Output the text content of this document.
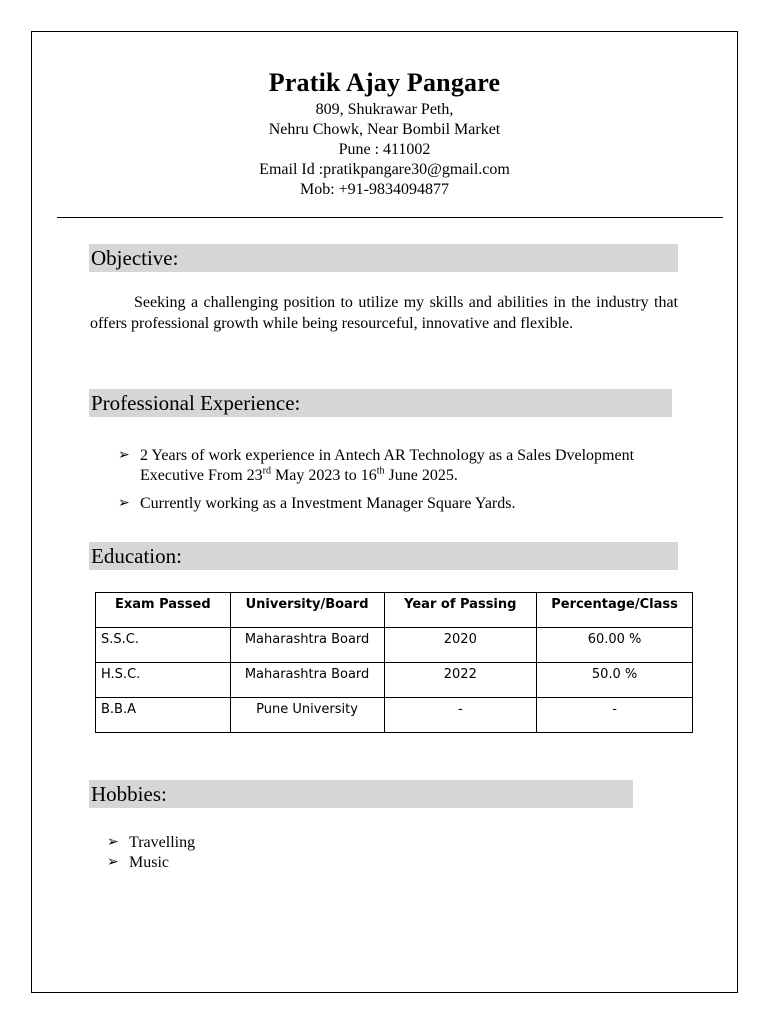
Pratik Ajay Pangare
809, Shukrawar Peth,
Nehru Chowk, Near Bombil Market
Pune : 411002
Email Id :pratikpangare30@gmail.com
Mob: +91-9834094877
Objective:
Seeking a challenging position to utilize my skills and abilities in the industry that offers professional growth while being resourceful, innovative and flexible.
Professional Experience:
➢ 2 Years of work experience in Antech AR Technology as a Sales Dvelopment Executive From 23rd May 2023 to 16th June 2025.
➢ Currently working as a Investment Manager Square Yards.
Education:
Exam Passed	University/Board	Year of Passing	Percentage/Class
S.S.C.	Maharashtra Board	2020	60.00 %
H.S.C.	Maharashtra Board	2022	50.0 %
B.B.A	Pune University	-	-
Hobbies:
➢ Travelling
➢ Music
